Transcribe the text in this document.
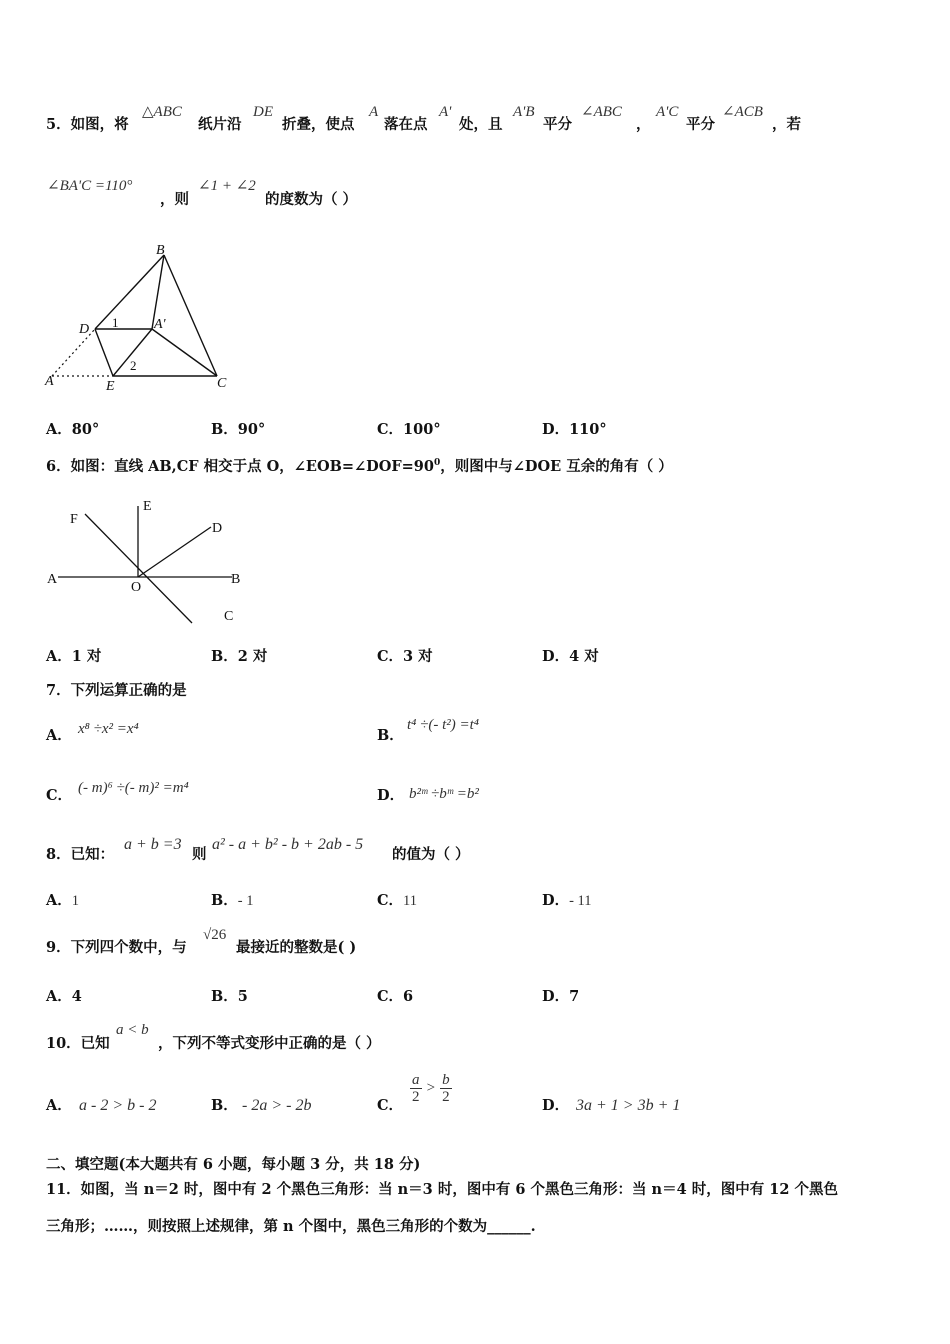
5．如图，将
△ABC
纸片沿
DE
折叠，使点
A
落在点
A'
处，且
A'B
平分
∠ABC
，
A'C
平分
∠ACB
，若
∠BA'C =110°
，则
∠1 + ∠2
的度数为（ ）
B
D
A	E	C
A'
1
2
A．80°	B．90°	C．100°	D．110°
6．如图：直线 AB,CF 相交于点 O，$\angle EOB=\angle DOF=90^0$，则图中与∠DOE 互余的角有（ ）
A	B
C
D
E
F
O
A．1 对	B．2 对	C．3 对	D．4 对
7．下列运算正确的是
A． x⁸ ÷x² =x⁴	B．
t⁴ ÷(- t²) =t⁴
C． (- m)⁶ ÷(- m)² =m⁴	D． b²ᵐ ÷bᵐ =b²
8．已知：
a + b =3
则
a² - a + b² - b + 2ab - 5
的值为（ ）
A．1	B．- 1	C．11	D．- 11
9．下列四个数中，与
√26
最接近的整数是( )
A．4	B．5	C．6	D．7
10．已知
a < b
，下列不等式变形中正确的是（ ）
A． a - 2 > b - 2	B． - 2a > - 2b	C．
$\frac{a}{2} > \frac{b}{2}$
D． 3a + 1 > 3b + 1
二、填空题(本大题共有 6 小题，每小题 3 分，共 18 分)
11．如图，当 n＝2 时，图中有 2 个黑色三角形：当 n＝3 时，图中有 6 个黑色三角形：当 n＝4 时，图中有 12 个黑色
三角形；……，则按照上述规律，第 n 个图中，黑色三角形的个数为______.
